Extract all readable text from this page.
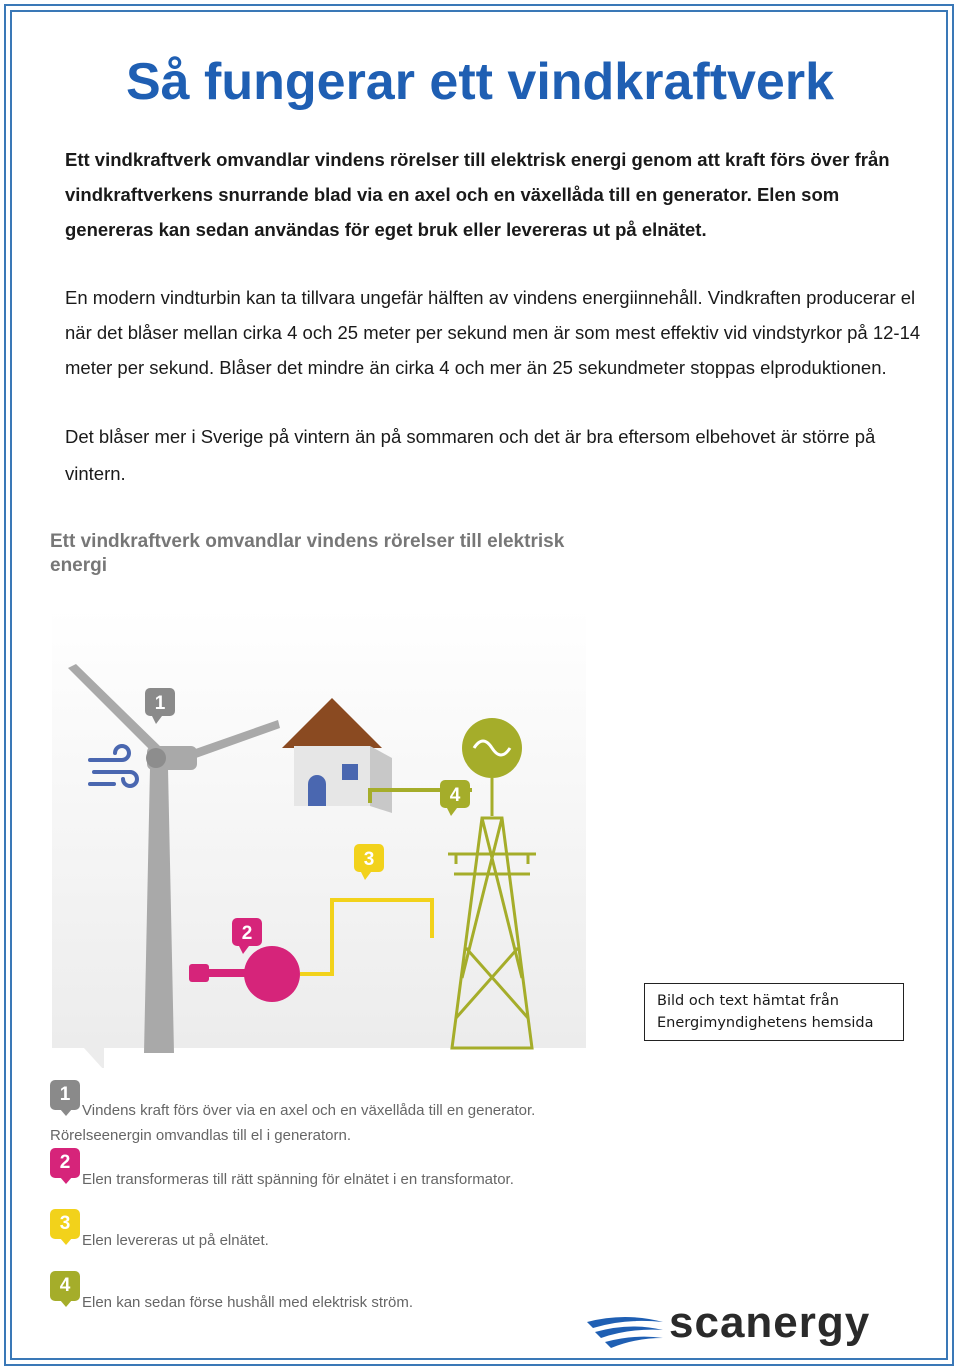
Så fungerar ett vindkraftverk

Ett vindkraftverk omvandlar vindens rörelser till elektrisk energi genom att kraft förs över från vindkraftverkens snurrande blad via en axel och en växellåda till en generator. Elen som genereras kan sedan användas för eget bruk eller levereras ut på elnätet.

En modern vindturbin kan ta tillvara ungefär hälften av vindens energiinnehåll. Vindkraften producerar el när det blåser mellan cirka 4 och 25 meter per sekund men är som mest effektiv vid vindstyrkor på 12-14 meter per sekund. Blåser det mindre än cirka 4 och mer än 25 sekundmeter stoppas elproduktionen.

Det blåser mer i Sverige på vintern än på sommaren och det är bra eftersom elbehovet är större på vintern.

Ett vindkraftverk omvandlar vindens rörelser till elektrisk energi

1
2
3
4
Bild och text hämtat från
Energimyndighetens hemsida
1
Vindens kraft förs över via en axel och en växellåda till en generator.
Rörelseenergin omvandlas till el i generatorn.
2
Elen transformeras till rätt spänning för elnätet i en transformator.
3
Elen levereras ut på elnätet.
4
Elen kan sedan förse hushåll med elektrisk ström.	scanergy
